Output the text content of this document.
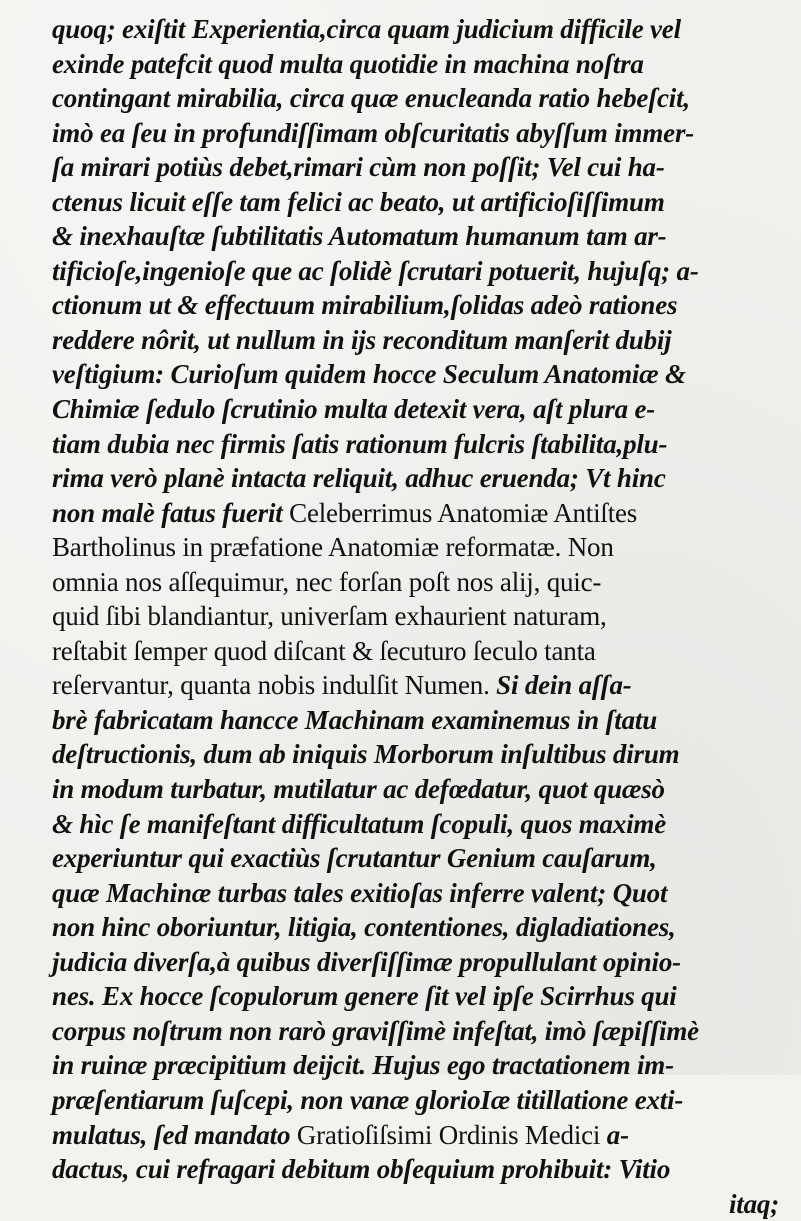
quoq; exiſtit Experientia,circa quam judicium difficile vel
exinde patefcit quod multa quotidie in machina noſtra
contingant mirabilia, circa quæ enucleanda ratio hebeſcit,
imò ea ſeu in profundiſſimam obſcuritatis abyſſum immer-
ſa mirari potiùs debet,rimari cùm non poſſit; Vel cui ha-
ctenus licuit eſſe tam felici ac beato, ut artificioſiſſimum
& inexhauſtæ ſubtilitatis Automatum humanum tam ar-
tificioſe,ingenioſe que ac ſolidè ſcrutari potuerit, hujuſq; a-
ctionum ut & effectuum mirabilium,ſolidas adeò rationes
reddere nôrit, ut nullum in ijs reconditum manſerit dubij
veſtigium: Curioſum quidem hocce Seculum Anatomiæ &
Chimiæ ſedulo ſcrutinio multa detexit vera, aſt plura e-
tiam dubia nec firmis ſatis rationum fulcris ſtabilita,plu-
rima verò planè intacta reliquit, adhuc eruenda; Vt hinc
non malè fatus fuerit Celeberrimus Anatomiæ Antiſtes
Bartholinus in præfatione Anatomiæ reformatæ. Non
omnia nos aſſequimur, nec forſan poſt nos alij, quic-
quid ſibi blandiantur, univerſam exhaurient naturam,
reſtabit ſemper quod diſcant & ſecuturo ſeculo tanta
reſervantur, quanta nobis indulſit Numen. Si dein aſſa-
brè fabricatam hancce Machinam examinemus in ſtatu
deſtructionis, dum ab iniquis Morborum inſultibus dirum
in modum turbatur, mutilatur ac defœdatur, quot quæsò
& hìc ſe manifeſtant difficultatum ſcopuli, quos maximè
experiuntur qui exactiùs ſcrutantur Genium cauſarum,
quæ Machinæ turbas tales exitioſas inferre valent; Quot
non hinc oboriuntur, litigia, contentiones, digladiationes,
judicia diverſa,à quibus diverſiſſimæ propullulant opinio-
nes. Ex hocce ſcopulorum genere ſit vel ipſe Scirrhus qui
corpus noſtrum non rarò graviſſimè infeſtat, imò ſæpiſſimè
in ruinæ præcipitium deijcit. Hujus ego tractationem im-
præſentiarum ſuſcepi, non vanæ glorioIæ titillatione exti-
mulatus, ſed mandato Gratioſiſsimi Ordinis Medici a-
dactus, cui refragari debitum obſequium prohibuit: Vitio
itaq;
